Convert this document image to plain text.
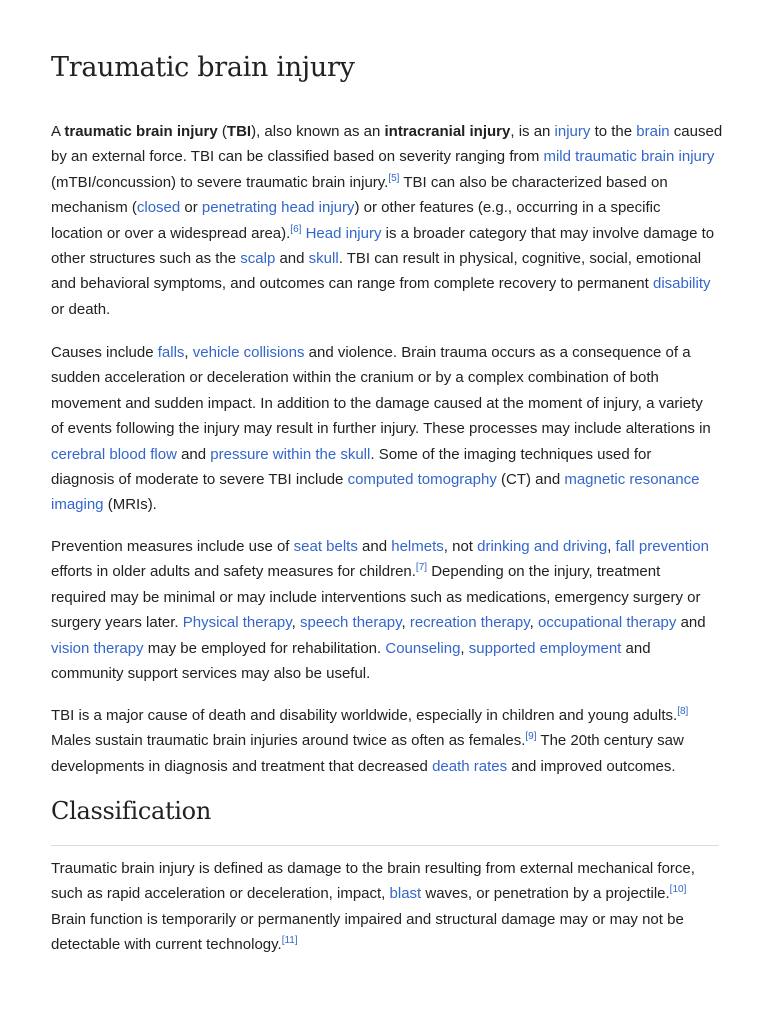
Traumatic brain injury
A traumatic brain injury (TBI), also known as an intracranial injury, is an injury to the brain caused
by an external force. TBI can be classified based on severity ranging from mild traumatic brain injury
(mTBI/concussion) to severe traumatic brain injury.[5] TBI can also be characterized based on
mechanism (closed or penetrating head injury) or other features (e.g., occurring in a specific
location or over a widespread area).[6] Head injury is a broader category that may involve damage to
other structures such as the scalp and skull. TBI can result in physical, cognitive, social, emotional
and behavioral symptoms, and outcomes can range from complete recovery to permanent disability
or death.
Causes include falls, vehicle collisions and violence. Brain trauma occurs as a consequence of a
sudden acceleration or deceleration within the cranium or by a complex combination of both
movement and sudden impact. In addition to the damage caused at the moment of injury, a variety
of events following the injury may result in further injury. These processes may include alterations in
cerebral blood flow and pressure within the skull. Some of the imaging techniques used for
diagnosis of moderate to severe TBI include computed tomography (CT) and magnetic resonance
imaging (MRIs).
Prevention measures include use of seat belts and helmets, not drinking and driving, fall prevention
efforts in older adults and safety measures for children.[7] Depending on the injury, treatment
required may be minimal or may include interventions such as medications, emergency surgery or
surgery years later. Physical therapy, speech therapy, recreation therapy, occupational therapy and
vision therapy may be employed for rehabilitation. Counseling, supported employment and
community support services may also be useful.
TBI is a major cause of death and disability worldwide, especially in children and young adults.[8]
Males sustain traumatic brain injuries around twice as often as females.[9] The 20th century saw
developments in diagnosis and treatment that decreased death rates and improved outcomes.
Classification
Traumatic brain injury is defined as damage to the brain resulting from external mechanical force,
such as rapid acceleration or deceleration, impact, blast waves, or penetration by a projectile.[10]
Brain function is temporarily or permanently impaired and structural damage may or may not be
detectable with current technology.[11]
